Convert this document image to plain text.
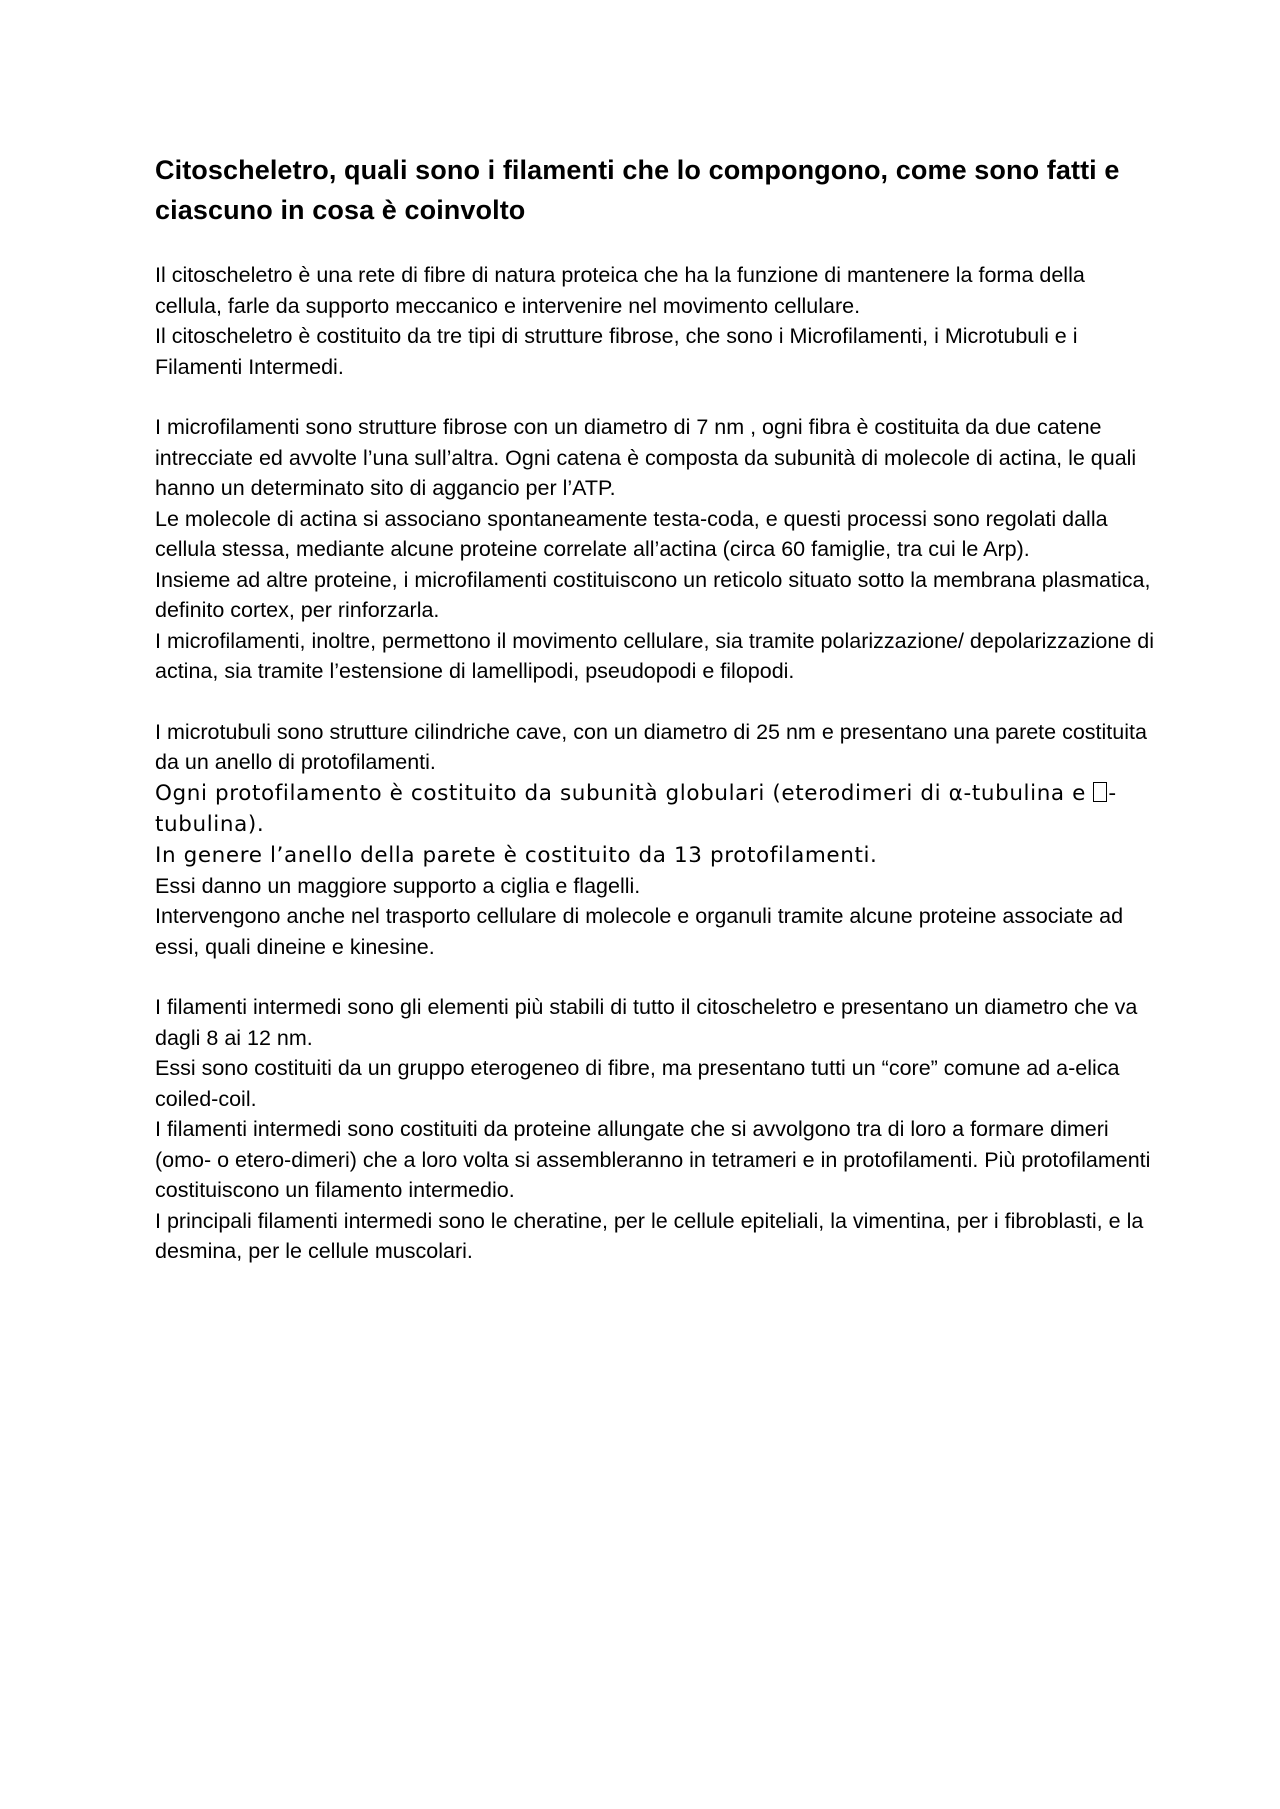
Citoscheletro, quali sono i filamenti che lo compongono, come sono fatti e ciascuno in cosa è coinvolto

Il citoscheletro è una rete di fibre di natura proteica che ha la funzione di mantenere la forma della cellula, farle da supporto meccanico e intervenire nel movimento cellulare.

Il citoscheletro è costituito da tre tipi di strutture fibrose, che sono i Microfilamenti, i Microtubuli e i Filamenti Intermedi.

I microfilamenti sono strutture fibrose con un diametro di 7 nm , ogni fibra è costituita da due catene intrecciate ed avvolte l’una sull’altra. Ogni catena è composta da subunità di molecole di actina, le quali hanno un determinato sito di aggancio per l’ATP.

Le molecole di actina si associano spontaneamente testa-coda, e questi processi sono regolati dalla cellula stessa, mediante alcune proteine correlate all’actina (circa 60 famiglie, tra cui le Arp).

Insieme ad altre proteine, i microfilamenti costituiscono un reticolo situato sotto la membrana plasmatica, definito cortex, per rinforzarla.

I microfilamenti, inoltre, permettono il movimento cellulare, sia tramite polarizzazione/ depolarizzazione di actina, sia tramite l’estensione di lamellipodi, pseudopodi e filopodi.

I microtubuli sono strutture cilindriche cave, con un diametro di 25 nm e presentano una parete costituita da un anello di protofilamenti.

Ogni protofilamento è costituito da subunità globulari (eterodimeri di α-tubulina e -tubulina).

In genere l’anello della parete è costituito da 13 protofilamenti.

Essi danno un maggiore supporto a ciglia e flagelli.

Intervengono anche nel trasporto cellulare di molecole e organuli tramite alcune proteine associate ad essi, quali dineine e kinesine.

I filamenti intermedi sono gli elementi più stabili di tutto il citoscheletro e presentano un diametro che va dagli 8 ai 12 nm.

Essi sono costituiti da un gruppo eterogeneo di fibre, ma presentano tutti un “core” comune ad a-elica coiled-coil.

I filamenti intermedi sono costituiti da proteine allungate che si avvolgono tra di loro a formare dimeri (omo- o etero-dimeri) che a loro volta si assembleranno in tetrameri e in protofilamenti. Più protofilamenti costituiscono un filamento intermedio.

I principali filamenti intermedi sono le cheratine, per le cellule epiteliali, la vimentina, per i fibroblasti, e la desmina, per le cellule muscolari.
